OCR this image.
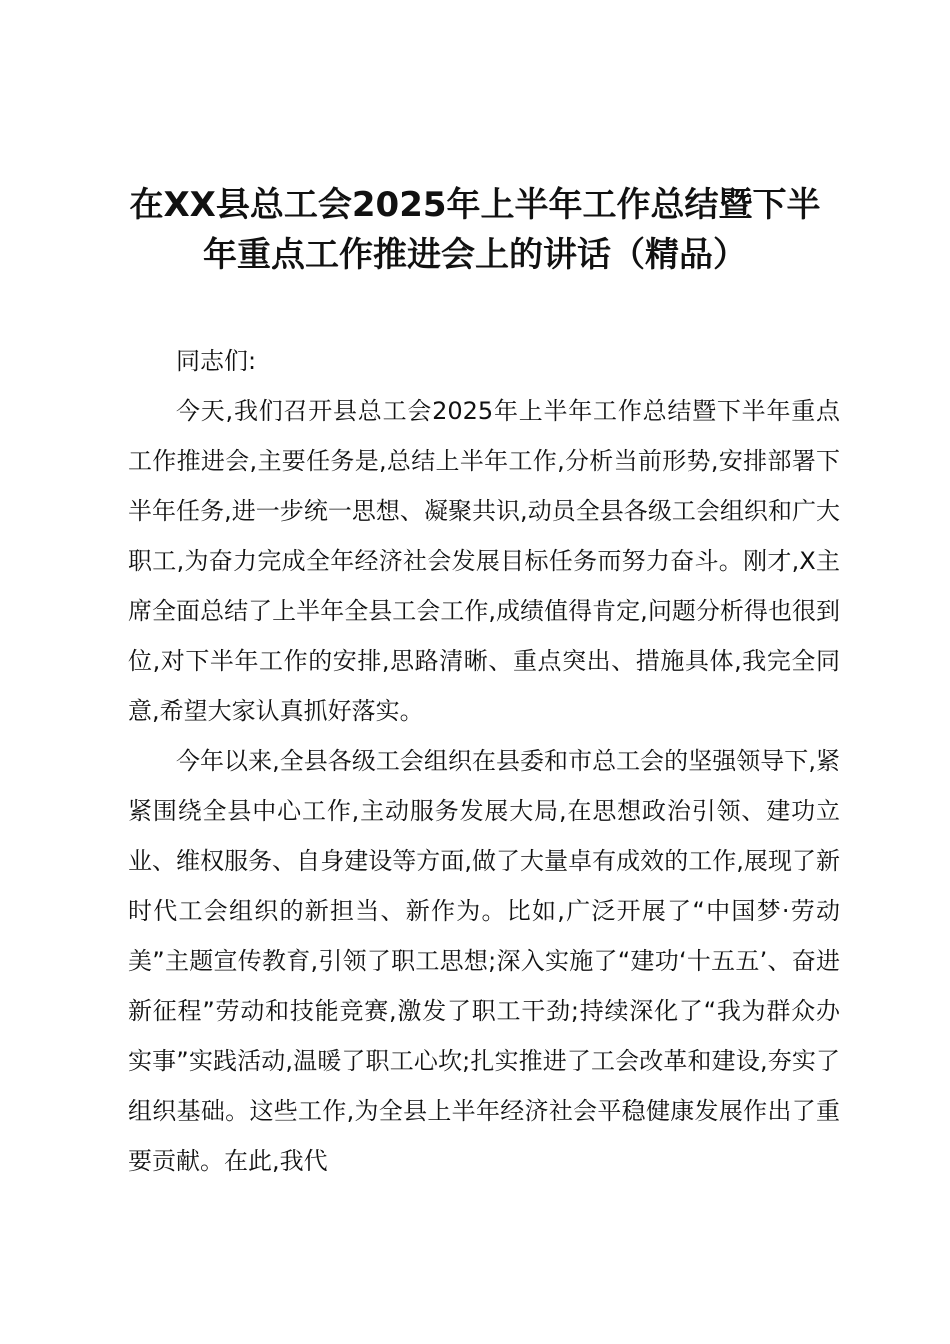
在XX县总工会2025年上半年工作总结暨下半年重点工作推进会上的讲话（精品）

同志们:

今天,我们召开县总工会2025年上半年工作总结暨下半年重点工作推进会,主要任务是,总结上半年工作,分析当前形势,安排部署下半年任务,进一步统一思想、凝聚共识,动员全县各级工会组织和广大职工,为奋力完成全年经济社会发展目标任务而努力奋斗。刚才,X主席全面总结了上半年全县工会工作,成绩值得肯定,问题分析得也很到位,对下半年工作的安排,思路清晰、重点突出、措施具体,我完全同意,希望大家认真抓好落实。

今年以来,全县各级工会组织在县委和市总工会的坚强领导下,紧紧围绕全县中心工作,主动服务发展大局,在思想政治引领、建功立业、维权服务、自身建设等方面,做了大量卓有成效的工作,展现了新时代工会组织的新担当、新作为。比如,广泛开展了“中国梦·劳动美”主题宣传教育,引领了职工思想;深入实施了“建功‘十五五’、奋进新征程”劳动和技能竞赛,激发了职工干劲;持续深化了“我为群众办实事”实践活动,温暖了职工心坎;扎实推进了工会改革和建设,夯实了组织基础。这些工作,为全县上半年经济社会平稳健康发展作出了重要贡献。在此,我代
